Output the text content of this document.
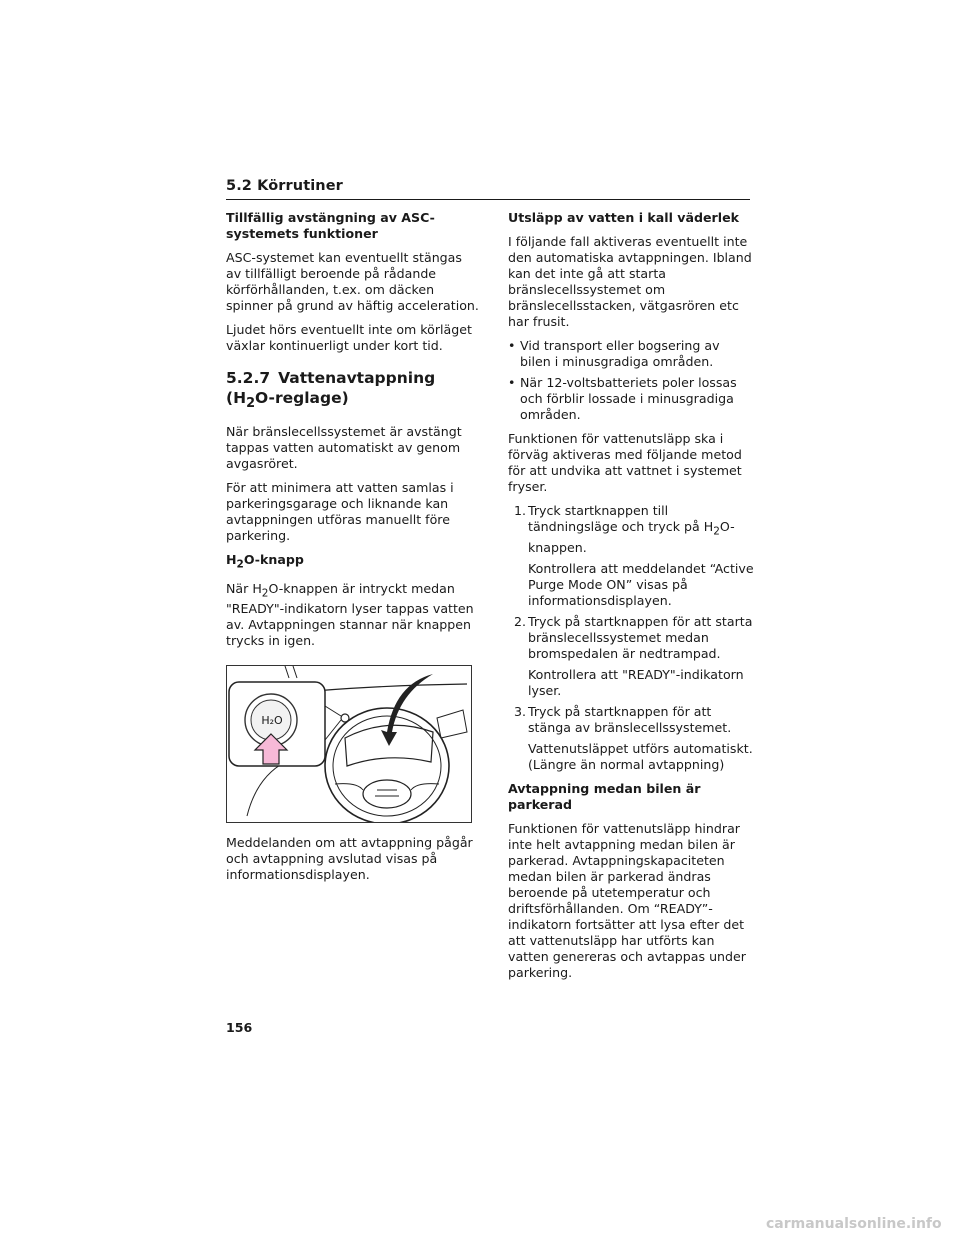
5.2 Körrutiner

Tillfällig avstängning av ASC-systemets funktioner

ASC-systemet kan eventuellt stängas av tillfälligt beroende på rådande körförhållanden, t.ex. om däcken spinner på grund av häftig acceleration.

Ljudet hörs eventuellt inte om körläget växlar kontinuerligt under kort tid.

5.2.7 Vattenavtappning
$(H_2O-reglage)$

När bränslecellssystemet är avstängt tappas vatten automatiskt av genom avgasröret.

För att minimera att vatten samlas i parkeringsgarage och liknande kan avtappningen utföras manuellt före parkering.

$H_2O$-knapp

När $H_2O$-knappen är intryckt medan "READY"-indikatorn lyser tappas vatten av. Avtappningen stannar när knappen trycks in igen.

H₂O

Meddelanden om att avtappning pågår och avtappning avslutad visas på informationsdisplayen.

Utsläpp av vatten i kall väderlek

I följande fall aktiveras eventuellt inte den automatiska avtappningen. Ibland kan det inte gå att starta bränslecellssystemet om bränslecellsstacken, vätgasrören etc har frusit.

• Vid transport eller bogsering av bilen i minusgradiga områden.
• När 12-voltsbatteriets poler lossas och förblir lossade i minusgradiga områden.

Funktionen för vattenutsläpp ska i förväg aktiveras med följande metod för att undvika att vattnet i systemet fryser.

1. Tryck startknappen till tändningsläge och tryck på $H_2O$-knappen.
Kontrollera att meddelandet “Active Purge Mode ON” visas på informationsdisplayen.
2. Tryck på startknappen för att starta bränslecellssystemet medan bromspedalen är nedtrampad.
Kontrollera att "READY"-indikatorn lyser.
3. Tryck på startknappen för att stänga av bränslecellssystemet.
Vattenutsläppet utförs automatiskt. (Längre än normal avtappning)

Avtappning medan bilen är parkerad

Funktionen för vattenutsläpp hindrar inte helt avtappning medan bilen är parkerad. Avtappningskapaciteten medan bilen är parkerad ändras beroende på utetemperatur och driftsförhållanden. Om “READY”-indikatorn fortsätter att lysa efter det att vattenutsläpp har utförts kan vatten genereras och avtappas under parkering.

156
carmanualsonline.info
